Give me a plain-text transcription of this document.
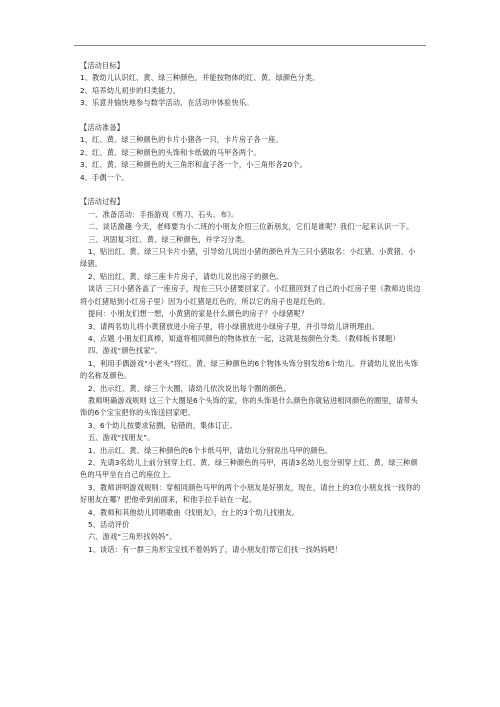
【活动目标】
1、教幼儿认识红、黄、绿三种颜色，并能按物体的红、黄、绿颜色分类。
2、培养幼儿初步的归类能力。
3、乐意并愉快地参与数学活动，在活动中体验快乐。
【活动准备】
1、红、黄、绿三种颜色的卡片小猪各一只，卡片房子各一座。
2、红、黄、绿三种颜色的头饰和卡纸做的马甲各两个。
3、红、黄、绿三种颜色的大三角形和盒子各一个，小三角形各20个。
4、手偶一个。
【活动过程】
一、准备活动：手指游戏《剪刀、石头、布》。
二、谈话激趣 今天，老师要为小二班的小朋友介绍三位新朋友，它们是谁呢？我们一起来认识一下。
三、巩固复习红、黄、绿三种颜色，并学习分类。
1、贴出红、黄、绿三只卡片小猪，引导幼儿说出小猪的颜色并为三只小猪取名：小红猪、小黄猪、小绿猪。
2、贴出红、黄、绿三座卡片房子，请幼儿说出房子的颜色。
谈话 三只小猪各盖了一座房子，现在三只小猪要回家了。小红猪回到了自己的小红房子里（教师边说边将小红猪贴到小红房子里）因为小红猪是红色的，所以它的房子也是红色的。
提问：小朋友们想一想，小黄猪的家是什么颜色的房子？小绿猪呢？
3、请两名幼儿将小黄猪放进小房子里，将小绿猪放进小绿房子里，并引导幼儿讲明理由。
4、点题 小朋友们真棒，知道将相同颜色的物体放在一起，这就是按颜色分类。（教师板书课题）
四、游戏“颜色找家”。
1、利用手偶游戏“小老头”将红、黄、绿三种颜色的6个物体头饰分别发给6个幼儿。并请幼儿说出头饰的名称及颜色。
2、出示红、黄、绿三个大圈，请幼儿依次说出每个圈的颜色。
教师明确游戏规则 这三个大圈是6个头饰的家，你的头饰是什么颜色你就钻进相同颜色的圈里，请带头饰的6个宝宝把你的头饰送回家吧。
3、6个幼儿按要求钻圈，钻错的，集体订正。
五、游戏“找朋友”。
1、出示红、黄、绿三种颜色的6个卡纸马甲，请幼儿分别说出马甲的颜色。
2、先请3名幼儿上前分别穿上红、黄、绿三种颜色的马甲，再请3名幼儿也分别穿上红、黄、绿三种颜色的马甲坐在自己的座位上。
3、教师讲明游戏规则：穿相同颜色马甲的两个小朋友是好朋友，现在，请台上的3位小朋友找一找你的好朋友在哪？把他牵到前面来，和他手拉手站在一起。
4、教师和其他幼儿同唱歌曲《找朋友》，台上的3个幼儿找朋友。
5、活动评价
六、游戏“三角形找妈妈”。
1、谈话：有一群三角形宝宝找不着妈妈了，请小朋友们帮它们找一找妈妈吧！
